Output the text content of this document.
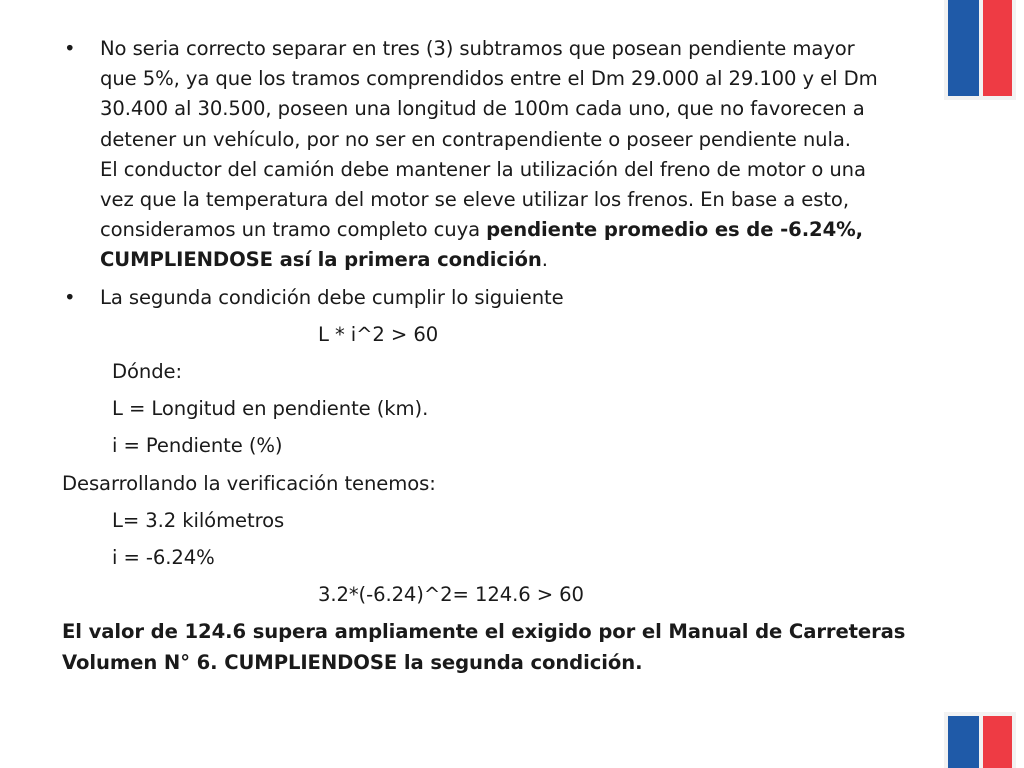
• No seria correcto separar en tres (3) subtramos que posean pendiente mayor
que 5%, ya que los tramos comprendidos entre el Dm 29.000 al 29.100 y el Dm
30.400 al 30.500, poseen una longitud de 100m cada uno, que no favorecen a
detener un vehículo, por no ser en contrapendiente o poseer pendiente nula.
El conductor del camión debe mantener la utilización del freno de motor o una
vez que la temperatura del motor se eleve utilizar los frenos. En base a esto,
consideramos un tramo completo cuya pendiente promedio es de -6.24%,
CUMPLIENDOSE así la primera condición.
• La segunda condición debe cumplir lo siguiente
L * i^2 > 60
Dónde:
L = Longitud en pendiente (km).
i = Pendiente (%)
Desarrollando la verificación tenemos:
L= 3.2 kilómetros
i = -6.24%
3.2*(-6.24)^2= 124.6 > 60
El valor de 124.6 supera ampliamente el exigido por el Manual de Carreteras
Volumen N° 6. CUMPLIENDOSE la segunda condición.
